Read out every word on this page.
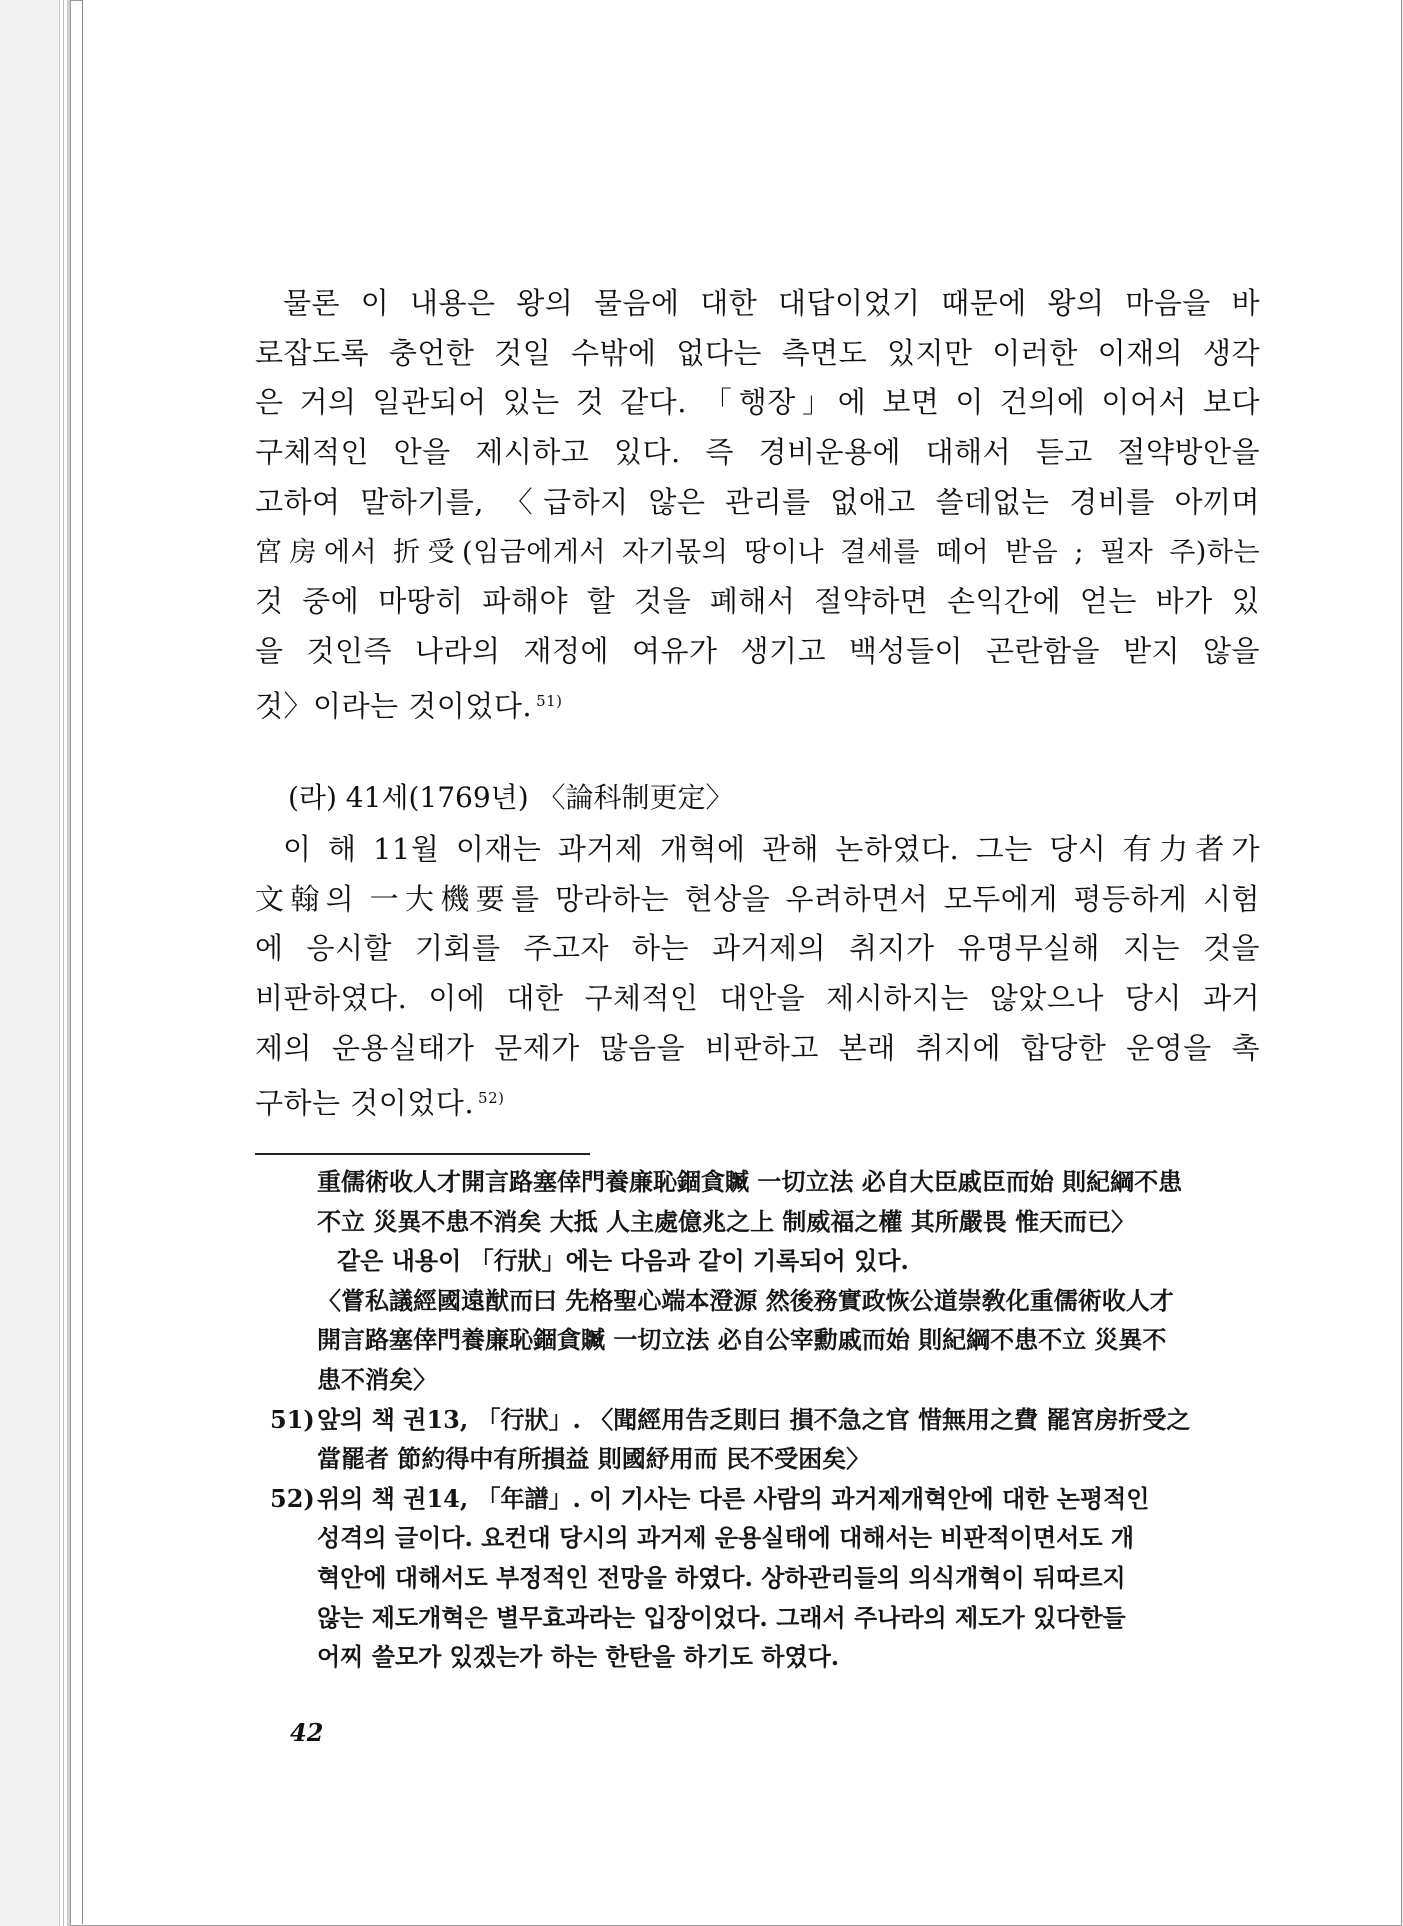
물론 이 내용은 왕의 물음에 대한 대답이었기 때문에 왕의 마음을 바
로잡도록 충언한 것일 수밖에 없다는 측면도 있지만 이러한 이재의 생각
은 거의 일관되어 있는 것 같다. 「행장」에 보면 이 건의에 이어서 보다
구체적인 안을 제시하고 있다. 즉 경비운용에 대해서 듣고 절약방안을
고하여 말하기를, 〈급하지 않은 관리를 없애고 쓸데없는 경비를 아끼며
宮房에서 折受(임금에게서 자기몫의 땅이나 결세를 떼어 받음 ; 필자 주)하는
것 중에 마땅히 파해야 할 것을 폐해서 절약하면 손익간에 얻는 바가 있
을 것인즉 나라의 재정에 여유가 생기고 백성들이 곤란함을 받지 않을
것〉이라는 것이었다. $^{51)}$
(라) 41세(1769년) 〈論科制更定〉
이 해 11월 이재는 과거제 개혁에 관해 논하였다. 그는 당시 有力者가
文翰의 一大機要를 망라하는 현상을 우려하면서 모두에게 평등하게 시험
에 응시할 기회를 주고자 하는 과거제의 취지가 유명무실해 지는 것을
비판하였다. 이에 대한 구체적인 대안을 제시하지는 않았으나 당시 과거
제의 운용실태가 문제가 많음을 비판하고 본래 취지에 합당한 운영을 촉
구하는 것이었다. $^{52)}$
重儒術收人才開言路塞倖門養廉恥錮貪贓 一切立法 必自大臣戚臣而始 則紀綱不患
不立 災異不患不消矣 大抵 人主處億兆之上 制威福之權 其所嚴畏 惟天而已〉
같은 내용이 「行狀」에는 다음과 같이 기록되어 있다.
〈嘗私議經國遠猷而曰 先格聖心端本澄源 然後務實政恢公道崇敎化重儒術收人才
開言路塞倖門養廉恥錮貪贓 一切立法 必自公宰勳戚而始 則紀綱不患不立 災異不
患不消矣〉
51)앞의 책 권13, 「行狀」. 〈聞經用告乏則曰 損不急之官 惜無用之費 罷宮房折受之
當罷者 節約得中有所損益 則國紓用而 民不受困矣〉
52)위의 책 권14, 「年譜」. 이 기사는 다른 사람의 과거제개혁안에 대한 논평적인
성격의 글이다. 요컨대 당시의 과거제 운용실태에 대해서는 비판적이면서도 개
혁안에 대해서도 부정적인 전망을 하였다. 상하관리들의 의식개혁이 뒤따르지
않는 제도개혁은 별무효과라는 입장이었다. 그래서 주나라의 제도가 있다한들
어찌 쓸모가 있겠는가 하는 한탄을 하기도 하였다.
42
